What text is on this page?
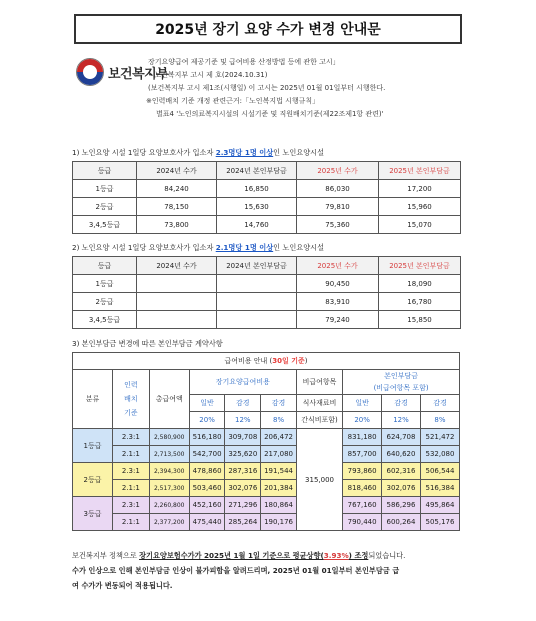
2025년 장기 요양 수가 변경 안내문
보건복지부
장기요양급여 제공기준 및 급여비용 산정방법 등에 관한 고시」
• 보건복지부 고시 제 호(2024.10.31)
(보건복지부 고시 제1조(시행일) 이 고시는 2025년 01월 01일부터 시행한다.
※인력배치 기준 개정 관련근거:「노인복지법 시행규칙」
별표4 '노인의료복지시설의 시설기준 및 직원배치기준(제22조제1항 관련)'
1) 노인요양 시설 1일당 요양보호사가 입소자 2.3명당 1명 이상인 노인요양시설
등급	2024년 수가	2024년 본인부담금	2025년 수가	2025년 본인부담금
1등급	84,240	16,850	86,030	17,200
2등급	78,150	15,630	79,810	15,960
3,4,5등급	73,800	14,760	75,360	15,070
2) 노인요양 시설 1일당 요양보호사가 입소자 2.1명당 1명 이상인 노인요양시설
등급	2024년 수가	2024년 본인부담금	2025년 수가	2025년 본인부담금
1등급			90,450	18,090
2등급			83,910	16,780
3,4,5등급			79,240	15,850
3) 본인부담금 변경에 따른 본인부담금 계약사항
급여비용 안내 (30일 기준)									
분류	인력
배치
기준	총급여액	장기요양급여비용			비급여항목	본인부담금
(비급여항목 포함)		
			일반	감경	감경	식사재료비	일반	감경	감경
			20%	12%	8%	간식비포함)	20%	12%	8%
1등급	2.3:1	2,580,900	516,180	309,708	206,472	315,000	831,180	624,708	521,472
	2.1:1	2,713,500	542,700	325,620	217,080		857,700	640,620	532,080
2등급	2.3:1	2,394,300	478,860	287,316	191,544		793,860	602,316	506,544
	2.1:1	2,517,300	503,460	302,076	201,384		818,460	302,076	516,384
3등급	2.3:1	2,260,800	452,160	271,296	180,864		767,160	586,296	495,864
	2.1:1	2,377,200	475,440	285,264	190,176		790,440	600,264	505,176
보건복지부 정책으로 장기요양보험수가가 2025년 1월 1일 기준으로 평균상향(3.93%) 조정되었습니다.
수가 인상으로 인해 본인부담금 인상이 불가피함을 알려드리며, 2025년 01월 01일부터 본인부담금 급
여 수가가 변동되어 적용됩니다.
